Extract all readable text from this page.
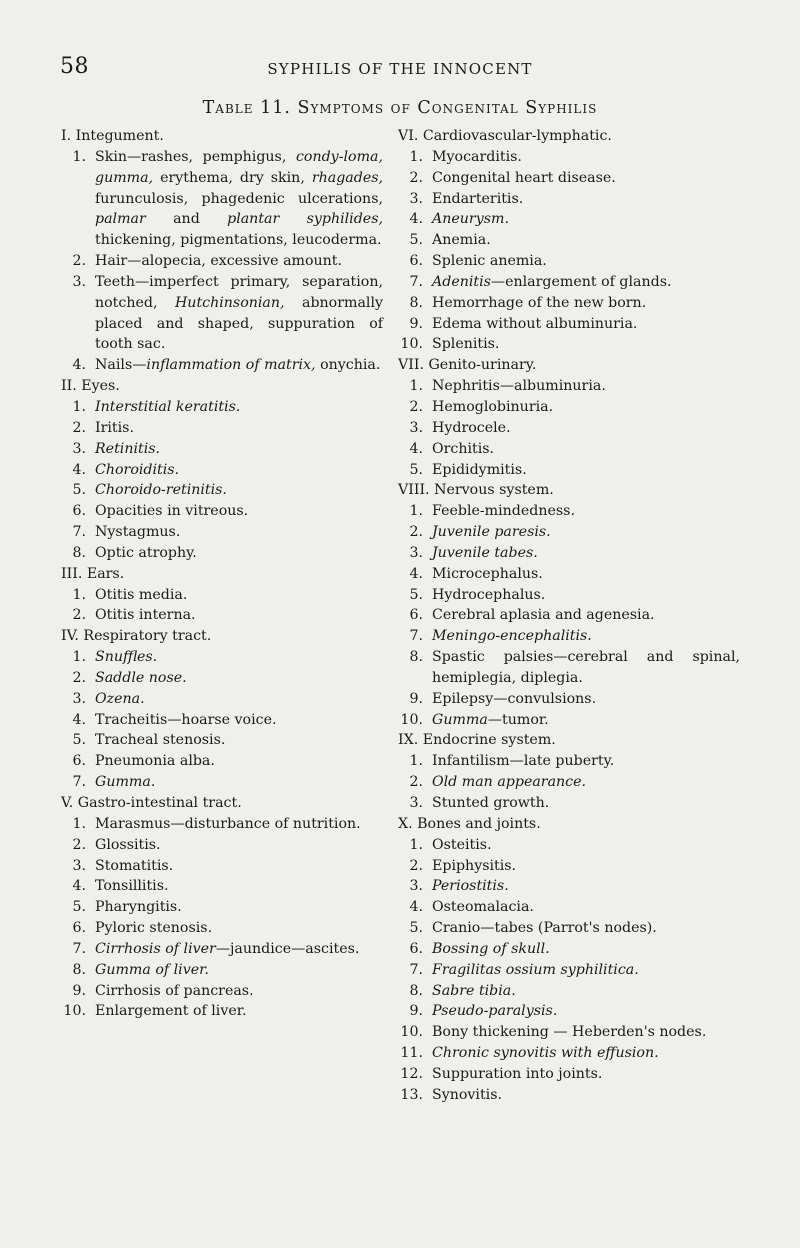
58	SYPHILIS OF THE INNOCENT
Table 11. Symptoms of Congenital Syphilis

I. Integument.

1. Skin—rashes, pemphigus, condy-loma, gumma, erythema, dry skin, rhagades, furunculosis, phagedenic ulcerations, palmar and plantar syphilides, thickening, pigmentations, leucoderma.

2. Hair—alopecia, excessive amount.

3. Teeth—imperfect primary, separation, notched, Hutchinsonian, abnormally placed and shaped, suppuration of tooth sac.

4. Nails—inflammation of matrix, onychia.

II. Eyes.

1. Interstitial keratitis.

2. Iritis.

3. Retinitis.

4. Choroiditis.

5. Choroido-retinitis.

6. Opacities in vitreous.

7. Nystagmus.

8. Optic atrophy.

III. Ears.

1. Otitis media.

2. Otitis interna.

IV. Respiratory tract.

1. Snuffles.

2. Saddle nose.

3. Ozena.

4. Tracheitis—hoarse voice.

5. Tracheal stenosis.

6. Pneumonia alba.

7. Gumma.

V. Gastro-intestinal tract.

1. Marasmus—disturbance of nutrition.

2. Glossitis.

3. Stomatitis.

4. Tonsillitis.

5. Pharyngitis.

6. Pyloric stenosis.

7. Cirrhosis of liver—jaundice—ascites.

8. Gumma of liver.

9. Cirrhosis of pancreas.

10. Enlargement of liver.

VI. Cardiovascular-lymphatic.

1. Myocarditis.

2. Congenital heart disease.

3. Endarteritis.

4. Aneurysm.

5. Anemia.

6. Splenic anemia.

7. Adenitis—enlargement of glands.

8. Hemorrhage of the new born.

9. Edema without albuminuria.

10. Splenitis.

VII. Genito-urinary.

1. Nephritis—albuminuria.

2. Hemoglobinuria.

3. Hydrocele.

4. Orchitis.

5. Epididymitis.

VIII. Nervous system.

1. Feeble-mindedness.

2. Juvenile paresis.

3. Juvenile tabes.

4. Microcephalus.

5. Hydrocephalus.

6. Cerebral aplasia and agenesia.

7. Meningo-encephalitis.

8. Spastic palsies—cerebral and spinal, hemiplegia, diplegia.

9. Epilepsy—convulsions.

10. Gumma—tumor.

IX. Endocrine system.

1. Infantilism—late puberty.

2. Old man appearance.

3. Stunted growth.

X. Bones and joints.

1. Osteitis.

2. Epiphysitis.

3. Periostitis.

4. Osteomalacia.

5. Cranio—tabes (Parrot's nodes).

6. Bossing of skull.

7. Fragilitas ossium syphilitica.

8. Sabre tibia.

9. Pseudo-paralysis.

10. Bony thickening — Heberden's nodes.

11. Chronic synovitis with effusion.

12. Suppuration into joints.

13. Synovitis.
